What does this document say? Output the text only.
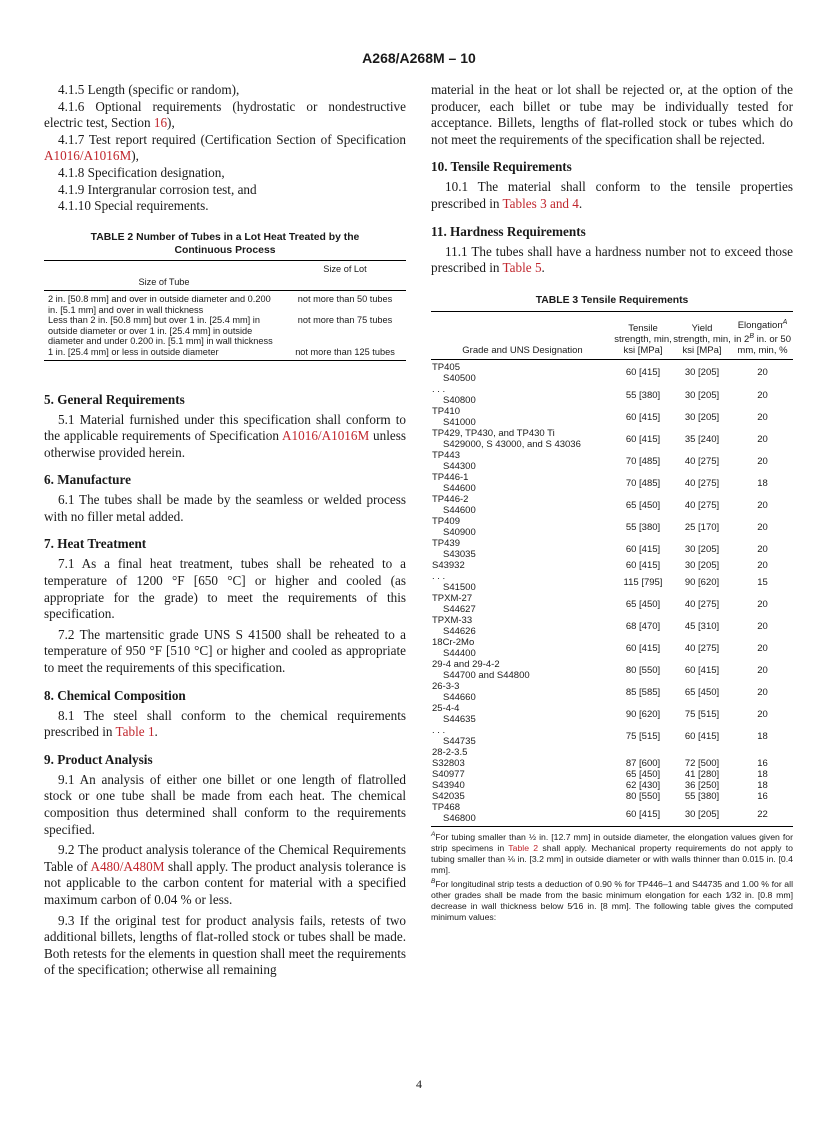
A268/A268M – 10
4.1.5 Length (specific or random),
4.1.6 Optional requirements (hydrostatic or nondestructive electric test, Section 16),
4.1.7 Test report required (Certification Section of Specification A1016/A1016M),
4.1.8 Specification designation,
4.1.9 Intergranular corrosion test, and
4.1.10 Special requirements.
TABLE 2 Number of Tubes in a Lot Heat Treated by the
Continuous Process
	Size of Lot
Size of Tube	
2 in. [50.8 mm] and over in outside diameter and 0.200 in. [5.1 mm] and over in wall thickness	not more than 50 tubes
Less than 2 in. [50.8 mm] but over 1 in. [25.4 mm] in outside diameter or over 1 in. [25.4 mm] in outside diameter and under 0.200 in. [5.1 mm] in wall thickness	not more than 75 tubes
1 in. [25.4 mm] or less in outside diameter	not more than 125 tubes
5. General Requirements

5.1 Material furnished under this specification shall conform to the applicable requirements of Specification A1016/A1016M unless otherwise provided herein.

6. Manufacture

6.1 The tubes shall be made by the seamless or welded process with no filler metal added.

7. Heat Treatment

7.1 As a final heat treatment, tubes shall be reheated to a temperature of 1200 °F [650 °C] or higher and cooled (as appropriate for the grade) to meet the requirements of this specification.

7.2 The martensitic grade UNS S 41500 shall be reheated to a temperature of 950 °F [510 °C] or higher and cooled as appropriate to meet the requirements of this specification.

8. Chemical Composition

8.1 The steel shall conform to the chemical requirements prescribed in Table 1.

9. Product Analysis

9.1 An analysis of either one billet or one length of flatrolled stock or one tube shall be made from each heat. The chemical composition thus determined shall conform to the requirements specified.

9.2 The product analysis tolerance of the Chemical Requirements Table of A480/A480M shall apply. The product analysis tolerance is not applicable to the carbon content for material with a specified maximum carbon of 0.04 % or less.

9.3 If the original test for product analysis fails, retests of two additional billets, lengths of flat-rolled stock or tubes shall be made. Both retests for the elements in question shall meet the requirements of the specification; otherwise all remaining

material in the heat or lot shall be rejected or, at the option of the producer, each billet or tube may be individually tested for acceptance. Billets, lengths of flat-rolled stock or tubes which do not meet the requirements of the specification shall be rejected.

10. Tensile Requirements

10.1 The material shall conform to the tensile properties prescribed in Tables 3 and 4.

11. Hardness Requirements

11.1 The tubes shall have a hardness number not to exceed those prescribed in Table 5.

TABLE 3 Tensile Requirements
Grade and UNS Designation	Tensile strength, min, ksi [MPa]	Yield strength, min, ksi [MPa]	Elongation$^A$
in $2^B$ in. or 50 mm, min, %

TP405
S40500	60 [415]	30 [205]	20

. . .
S40800	55 [380]	30 [205]	20

TP410
S41000	60 [415]	30 [205]	20

TP429, TP430, and TP430 Ti
S429000, S 43000, and S 43036	60 [415]	35 [240]	20

TP443
S44300	70 [485]	40 [275]	20

TP446-1
S44600	70 [485]	40 [275]	18

TP446-2
S44600	65 [450]	40 [275]	20

TP409
S40900	55 [380]	25 [170]	20

TP439
S43035	60 [415]	30 [205]	20

S43932	60 [415]	30 [205]	20

. . .
S41500	115 [795]	90 [620]	15

TPXM-27
S44627	65 [450]	40 [275]	20

TPXM-33
S44626	68 [470]	45 [310]	20

18Cr-2Mo
S44400	60 [415]	40 [275]	20

29-4 and 29-4-2
S44700 and S44800	80 [550]	60 [415]	20

26-3-3
S44660	85 [585]	65 [450]	20

25-4-4
S44635	90 [620]	75 [515]	20

. . .
S44735	75 [515]	60 [415]	18
28-2-3.5			
S32803	87 [600]	72 [500]	16
S40977	65 [450]	41 [280]	18
S43940	62 [430]	36 [250]	18
S42035	80 [550]	55 [380]	16

TP468
S46800	60 [415]	30 [205]	22
$^A$For tubing smaller than ½ in. [12.7 mm] in outside diameter, the elongation values given for strip specimens in Table 2 shall apply. Mechanical property requirements do not apply to tubing smaller than ⅛ in. [3.2 mm] in outside diameter or with walls thinner than 0.015 in. [0.4 mm].
$^B$For longitudinal strip tests a deduction of 0.90 % for TP446–1 and S44735 and 1.00 % for all other grades shall be made from the basic minimum elongation for each 1⁄32 in. [0.8 mm] decrease in wall thickness below 5⁄16 in. [8 mm]. The following table gives the computed minimum values:
4
